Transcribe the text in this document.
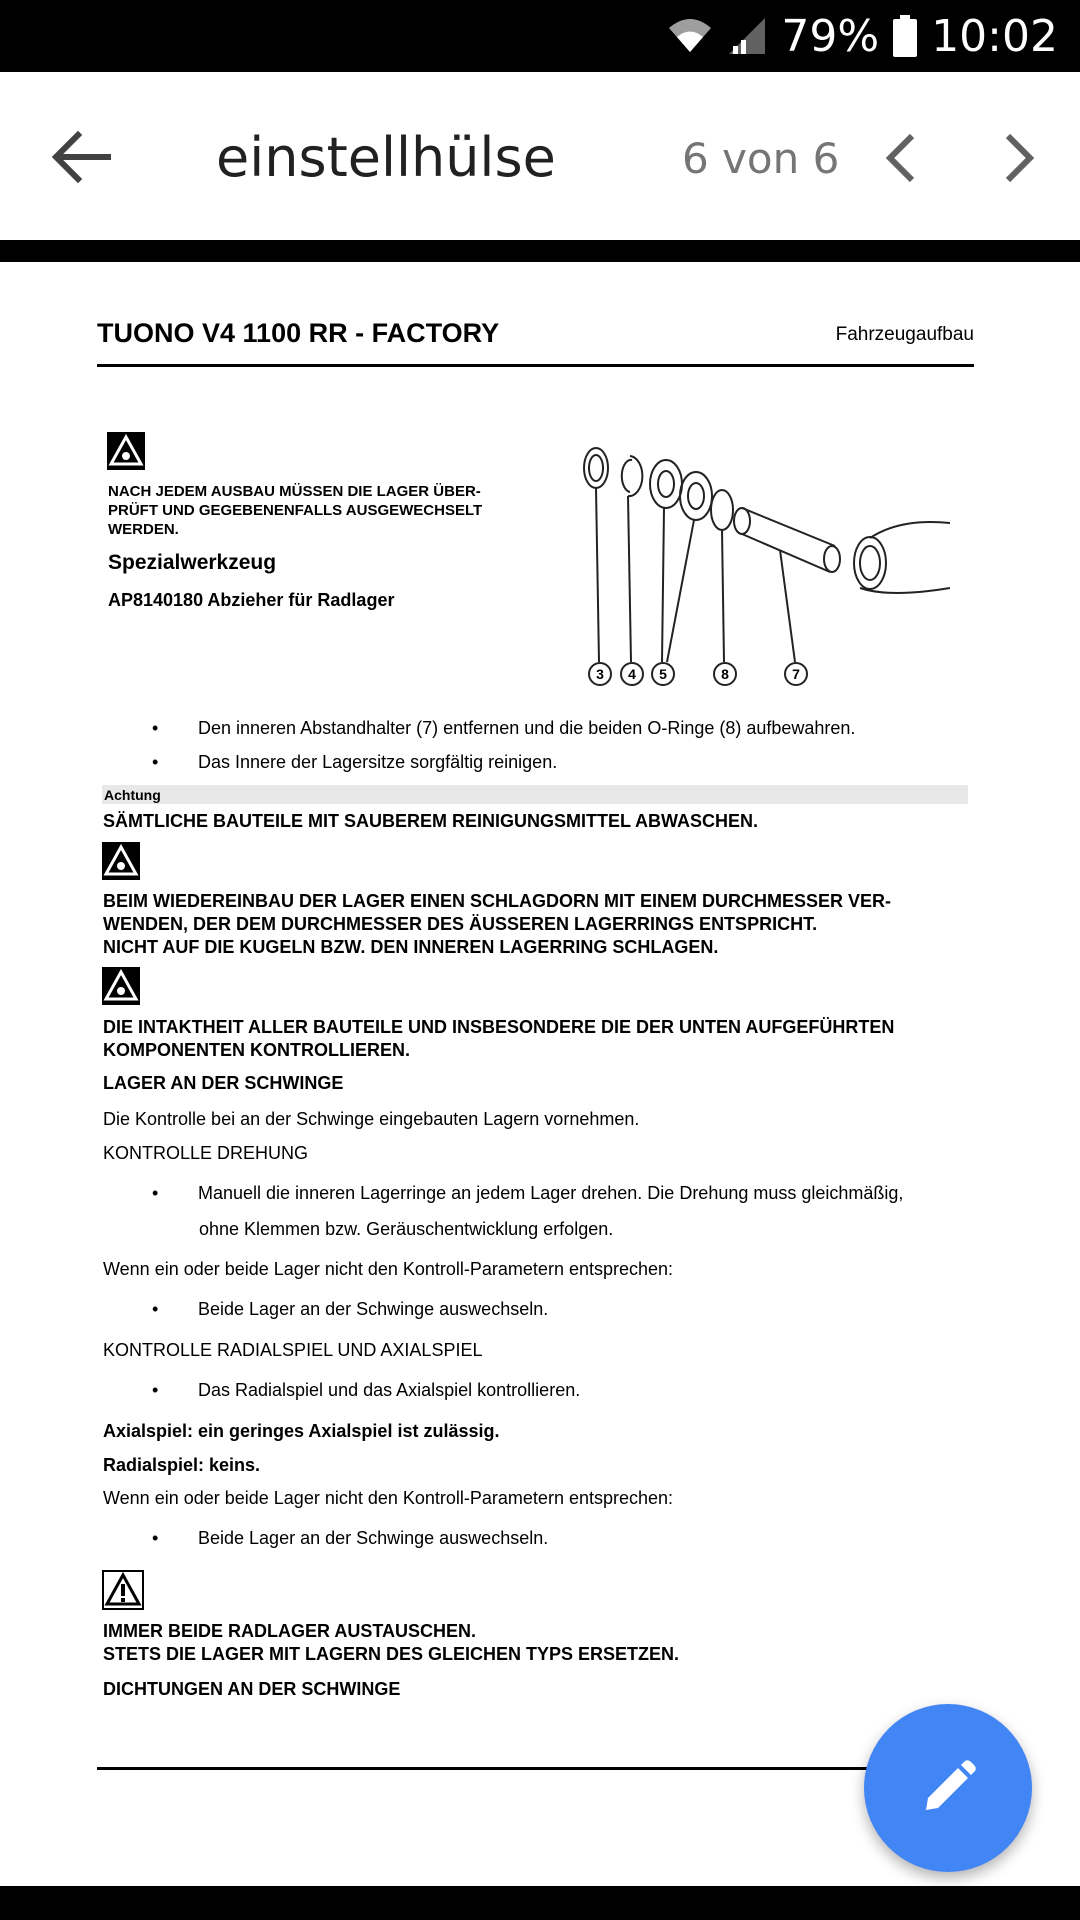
79% 10:02
einstellhülse	6 von 6
TUONO V4 1100 RR - FACTORY	Fahrzeugaufbau
NACH JEDEM AUSBAU MÜSSEN DIE LAGER ÜBER-
PRÜFT UND GEGEBENENFALLS AUSGEWECHSELT
WERDEN.
Spezialwerkzeug
AP8140180 Abzieher für Radlager
3 4 5	8	7
Den inneren Abstandhalter (7) entfernen und die beiden O-Ringe (8) aufbewahren.
Das Innere der Lagersitze sorgfältig reinigen.
Achtung
SÄMTLICHE BAUTEILE MIT SAUBEREM REINIGUNGSMITTEL ABWASCHEN.
BEIM WIEDEREINBAU DER LAGER EINEN SCHLAGDORN MIT EINEM DURCHMESSER VER-
WENDEN, DER DEM DURCHMESSER DES ÄUSSEREN LAGERRINGS ENTSPRICHT.
NICHT AUF DIE KUGELN BZW. DEN INNEREN LAGERRING SCHLAGEN.
DIE INTAKTHEIT ALLER BAUTEILE UND INSBESONDERE DIE DER UNTEN AUFGEFÜHRTEN
KOMPONENTEN KONTROLLIEREN.
LAGER AN DER SCHWINGE
Die Kontrolle bei an der Schwinge eingebauten Lagern vornehmen.
KONTROLLE DREHUNG
Manuell die inneren Lagerringe an jedem Lager drehen. Die Drehung muss gleichmäßig,
ohne Klemmen bzw. Geräuschentwicklung erfolgen.
Wenn ein oder beide Lager nicht den Kontroll-Parametern entsprechen:
Beide Lager an der Schwinge auswechseln.
KONTROLLE RADIALSPIEL UND AXIALSPIEL
Das Radialspiel und das Axialspiel kontrollieren.
Axialspiel: ein geringes Axialspiel ist zulässig.
Radialspiel: keins.
Wenn ein oder beide Lager nicht den Kontroll-Parametern entsprechen:
Beide Lager an der Schwinge auswechseln.
IMMER BEIDE RADLAGER AUSTAUSCHEN.
STETS DIE LAGER MIT LAGERN DES GLEICHEN TYPS ERSETZEN.
DICHTUNGEN AN DER SCHWINGE
